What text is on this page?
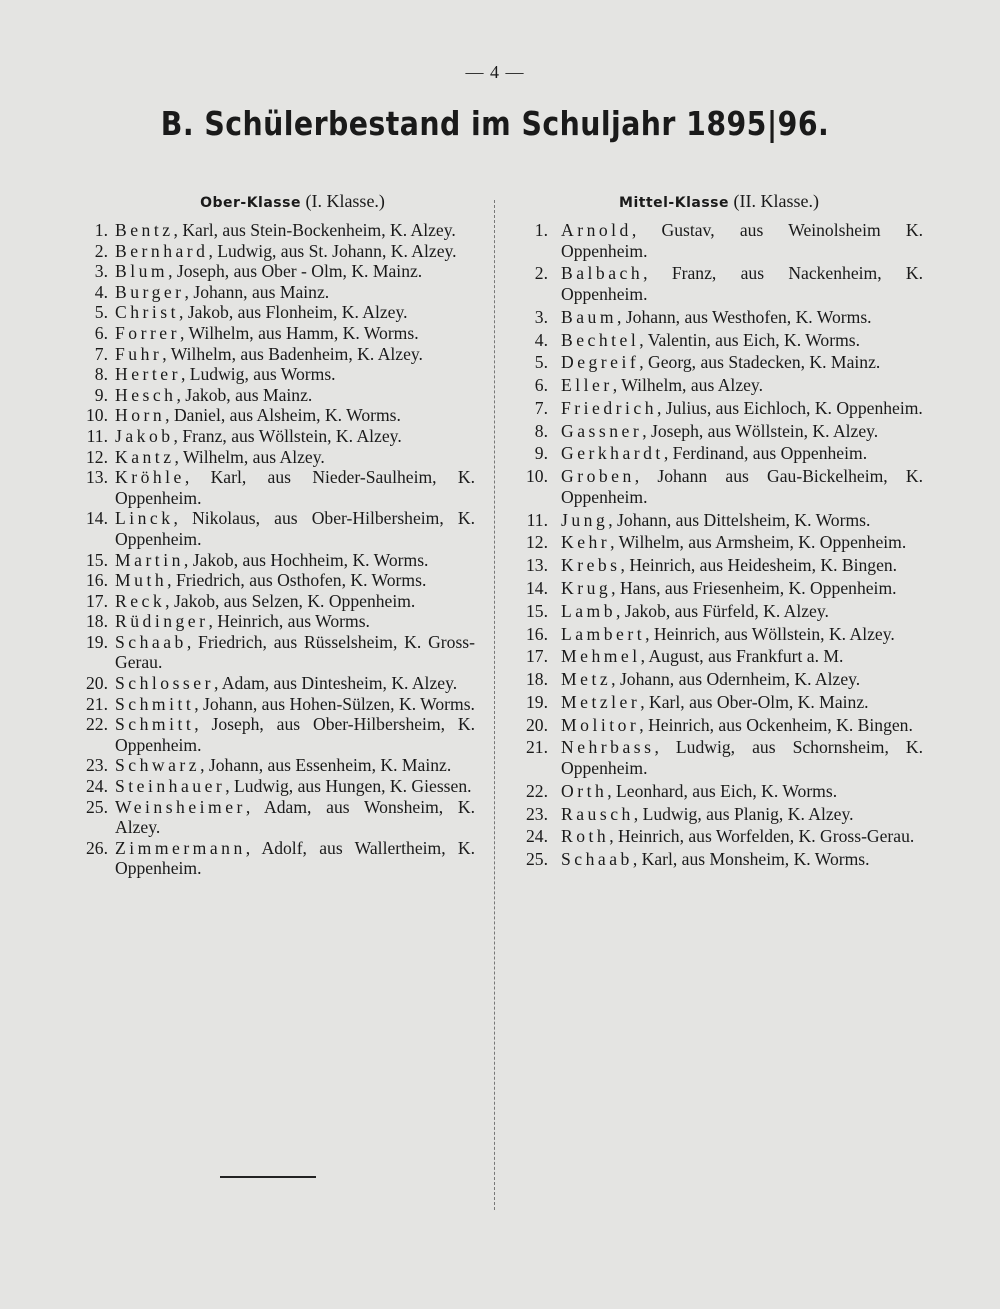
— 4 —
B. Schülerbestand im Schuljahr 1895|96.
Ober-Klasse (I. Klasse.)
1. Bentz, Karl, aus Stein-Bockenheim, K. Alzey.
2. Bernhard, Ludwig, aus St. Johann, K. Alzey.
3. Blum, Joseph, aus Ober - Olm, K. Mainz.
4. Burger, Johann, aus Mainz.
5. Christ, Jakob, aus Flonheim, K. Alzey.
6. Forrer, Wilhelm, aus Hamm, K. Worms.
7. Fuhr, Wilhelm, aus Badenheim, K. Alzey.
8. Herter, Ludwig, aus Worms.
9. Hesch, Jakob, aus Mainz.
10. Horn, Daniel, aus Alsheim, K. Worms.
11. Jakob, Franz, aus Wöllstein, K. Alzey.
12. Kantz, Wilhelm, aus Alzey.
13. Kröhle, Karl, aus Nieder-Saulheim, K. Oppenheim.
14. Linck, Nikolaus, aus Ober-Hilbersheim, K. Oppenheim.
15. Martin, Jakob, aus Hochheim, K. Worms.
16. Muth, Friedrich, aus Osthofen, K. Worms.
17. Reck, Jakob, aus Selzen, K. Oppenheim.
18. Rüdinger, Heinrich, aus Worms.
19. Schaab, Friedrich, aus Rüsselsheim, K. Gross-Gerau.
20. Schlosser, Adam, aus Dintesheim, K. Alzey.
21. Schmitt, Johann, aus Hohen-Sülzen, K. Worms.
22. Schmitt, Joseph, aus Ober-Hilbersheim, K. Oppenheim.
23. Schwarz, Johann, aus Essenheim, K. Mainz.
24. Steinhauer, Ludwig, aus Hungen, K. Giessen.
25. Weinsheimer, Adam, aus Wonsheim, K. Alzey.
26. Zimmermann, Adolf, aus Wallertheim, K. Oppenheim.
Mittel-Klasse (II. Klasse.)
1. Arnold, Gustav, aus Weinolsheim K. Oppenheim.
2. Balbach, Franz, aus Nackenheim, K. Oppenheim.
3. Baum, Johann, aus Westhofen, K. Worms.
4. Bechtel, Valentin, aus Eich, K. Worms.
5. Degreif, Georg, aus Stadecken, K. Mainz.
6. Eller, Wilhelm, aus Alzey.
7. Friedrich, Julius, aus Eichloch, K. Oppenheim.
8. Gassner, Joseph, aus Wöllstein, K. Alzey.
9. Gerkhardt, Ferdinand, aus Oppenheim.
10. Groben, Johann aus Gau-Bickelheim, K. Oppenheim.
11. Jung, Johann, aus Dittelsheim, K. Worms.
12. Kehr, Wilhelm, aus Armsheim, K. Oppenheim.
13. Krebs, Heinrich, aus Heidesheim, K. Bingen.
14. Krug, Hans, aus Friesenheim, K. Oppenheim.
15. Lamb, Jakob, aus Fürfeld, K. Alzey.
16. Lambert, Heinrich, aus Wöllstein, K. Alzey.
17. Mehmel, August, aus Frankfurt a. M.
18. Metz, Johann, aus Odernheim, K. Alzey.
19. Metzler, Karl, aus Ober-Olm, K. Mainz.
20. Molitor, Heinrich, aus Ockenheim, K. Bingen.
21. Nehrbass, Ludwig, aus Schornsheim, K. Oppenheim.
22. Orth, Leonhard, aus Eich, K. Worms.
23. Rausch, Ludwig, aus Planig, K. Alzey.
24. Roth, Heinrich, aus Worfelden, K. Gross-Gerau.
25. Schaab, Karl, aus Monsheim, K. Worms.
